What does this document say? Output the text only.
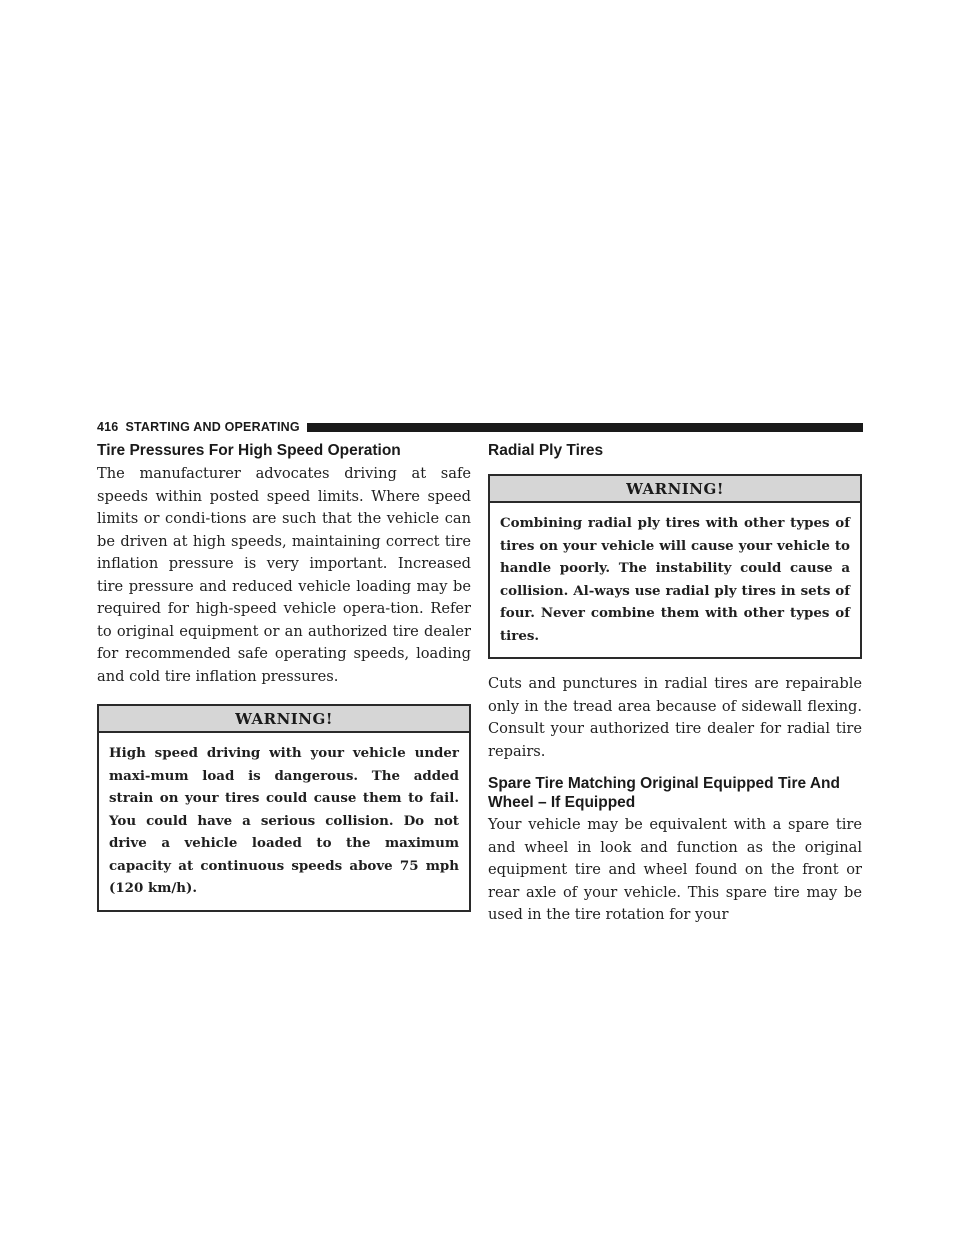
416 STARTING AND OPERATING
Tire Pressures For High Speed Operation

The manufacturer advocates driving at safe speeds within posted speed limits. Where speed limits or condi-tions are such that the vehicle can be driven at high speeds, maintaining correct tire inflation pressure is very important. Increased tire pressure and reduced vehicle loading may be required for high-speed vehicle opera-tion. Refer to original equipment or an authorized tire dealer for recommended safe operating speeds, loading and cold tire inflation pressures.

WARNING!
High speed driving with your vehicle under maxi-mum load is dangerous. The added strain on your tires could cause them to fail. You could have a serious collision. Do not drive a vehicle loaded to the maximum capacity at continuous speeds above 75 mph (120 km/h).
Radial Ply Tires
WARNING!
Combining radial ply tires with other types of tires on your vehicle will cause your vehicle to handle poorly. The instability could cause a collision. Al-ways use radial ply tires in sets of four. Never combine them with other types of tires.

Cuts and punctures in radial tires are repairable only in the tread area because of sidewall flexing. Consult your authorized tire dealer for radial tire repairs.

Spare Tire Matching Original Equipped Tire And Wheel – If Equipped

Your vehicle may be equivalent with a spare tire and wheel in look and function as the original equipment tire and wheel found on the front or rear axle of your vehicle. This spare tire may be used in the tire rotation for your
